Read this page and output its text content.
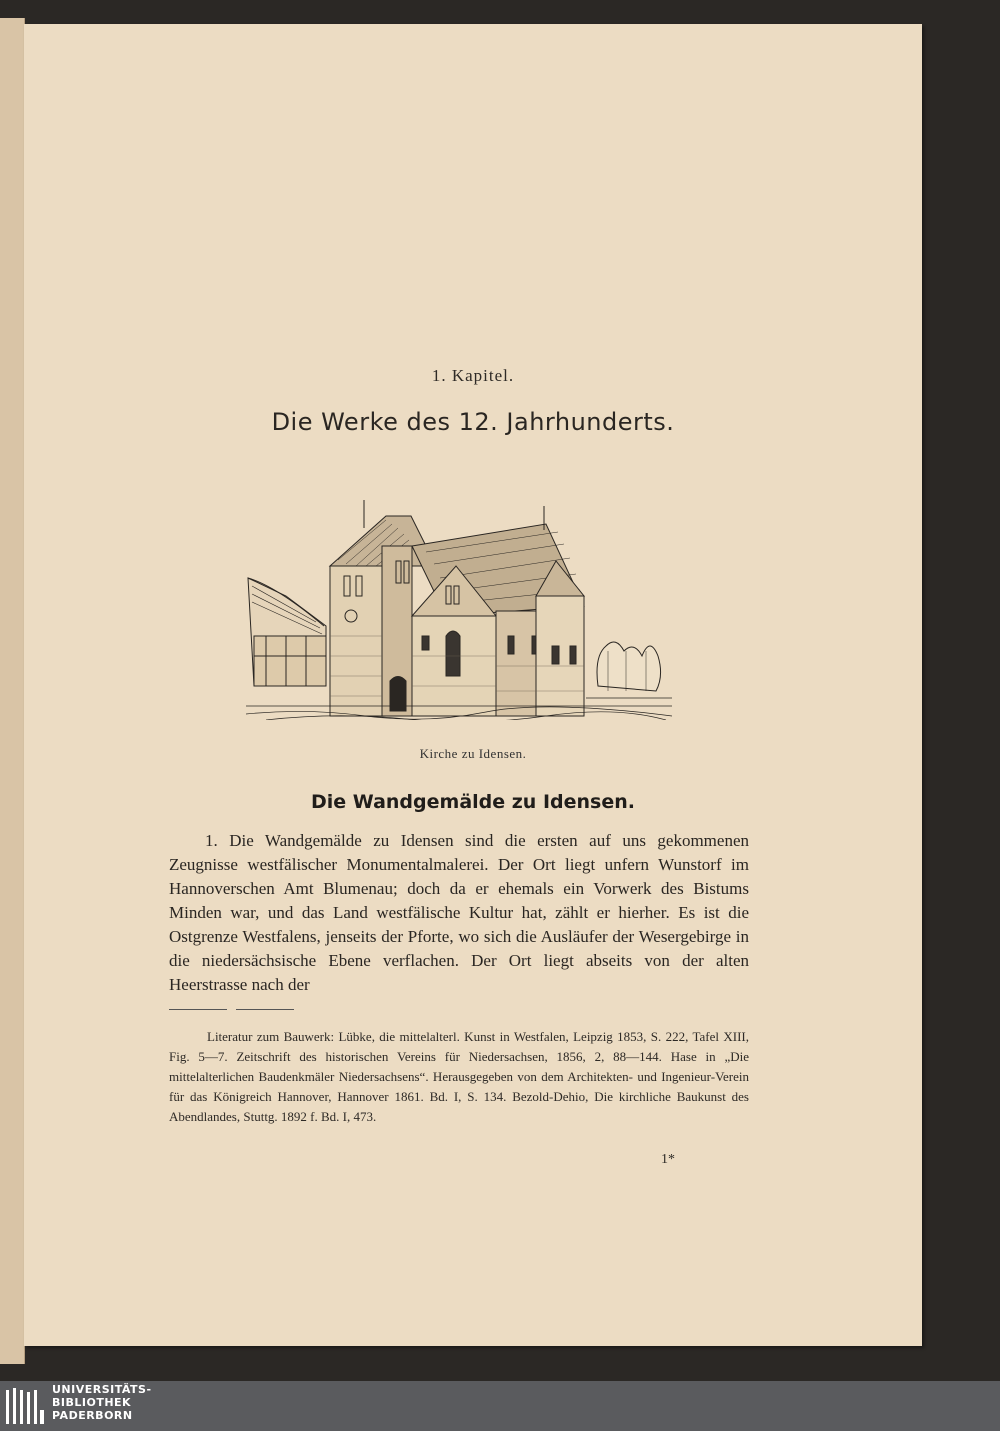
1. Kapitel.
Die Werke des 12. Jahrhunderts.
Kirche zu Idensen.
Die Wandgemälde zu Idensen.

1. Die Wandgemälde zu Idensen sind die ersten auf uns gekommenen Zeugnisse westfälischer Monumentalmalerei. Der Ort liegt unfern Wunstorf im Hannoverschen Amt Blumenau; doch da er ehemals ein Vorwerk des Bistums Minden war, und das Land westfälische Kultur hat, zählt er hierher. Es ist die Ostgrenze Westfalens, jenseits der Pforte, wo sich die Ausläufer der Wesergebirge in die niedersächsische Ebene verflachen. Der Ort liegt abseits von der alten Heerstrasse nach der

Literatur zum Bauwerk: Lübke, die mittelalterl. Kunst in Westfalen, Leipzig 1853, S. 222, Tafel XIII, Fig. 5—7. Zeitschrift des historischen Vereins für Niedersachsen, 1856, 2, 88—144. Hase in „Die mittelalterlichen Baudenkmäler Niedersachsens“. Herausgegeben von dem Architekten- und Ingenieur-Verein für das Königreich Hannover, Hannover 1861. Bd. I, S. 134. Bezold-Dehio, Die kirchliche Baukunst des Abendlandes, Stuttg. 1892 f. Bd. I, 473.

1*
UNIVERSITÄTS-
BIBLIOTHEK
PADERBORN
